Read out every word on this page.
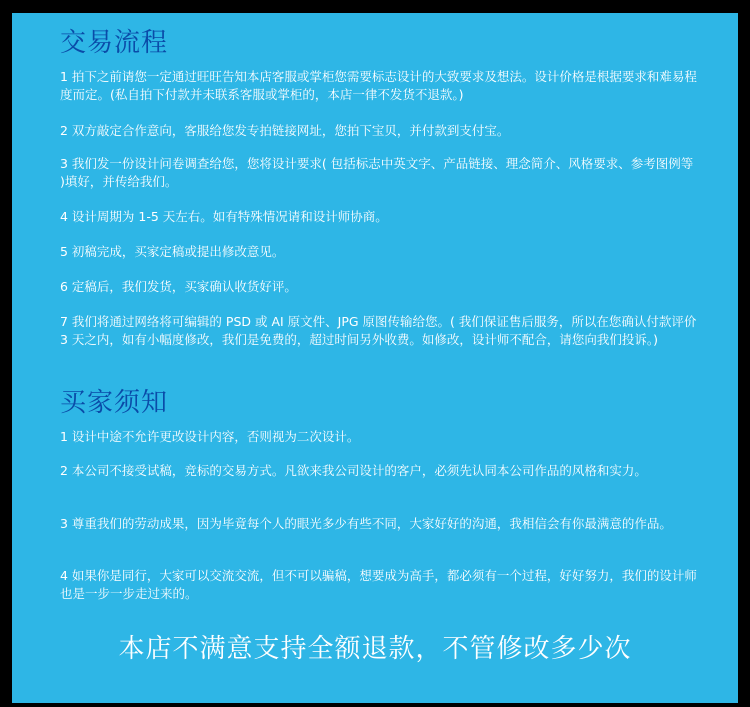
交易流程

1 拍下之前请您一定通过旺旺告知本店客服或掌柜您需要标志设计的大致要求及想法。设计价格是根据要求和难易程度而定。(私自拍下付款并未联系客服或掌柜的，本店一律不发货不退款。)

2 双方敲定合作意向，客服给您发专拍链接网址，您拍下宝贝，并付款到支付宝。

3 我们发一份设计问卷调查给您，您将设计要求( 包括标志中英文字、产品链接、理念简介、风格要求、参考图例等 )填好，并传给我们。

4 设计周期为 1-5 天左右。如有特殊情况请和设计师协商。

5 初稿完成，买家定稿或提出修改意见。

6 定稿后，我们发货，买家确认收货好评。

7 我们将通过网络将可编辑的 PSD 或 AI 原文件、JPG 原图传输给您。( 我们保证售后服务，所以在您确认付款评价 3 天之内，如有小幅度修改，我们是免费的，超过时间另外收费。如修改，设计师不配合，请您向我们投诉。)

买家须知

1 设计中途不允许更改设计内容，否则视为二次设计。

2 本公司不接受试稿，竞标的交易方式。凡欲来我公司设计的客户，必须先认同本公司作品的风格和实力。

3 尊重我们的劳动成果，因为毕竟每个人的眼光多少有些不同，大家好好的沟通，我相信会有你最满意的作品。

4 如果你是同行，大家可以交流交流，但不可以骗稿，想要成为高手，都必须有一个过程，好好努力，我们的设计师也是一步一步走过来的。

本店不满意支持全额退款，不管修改多少次
